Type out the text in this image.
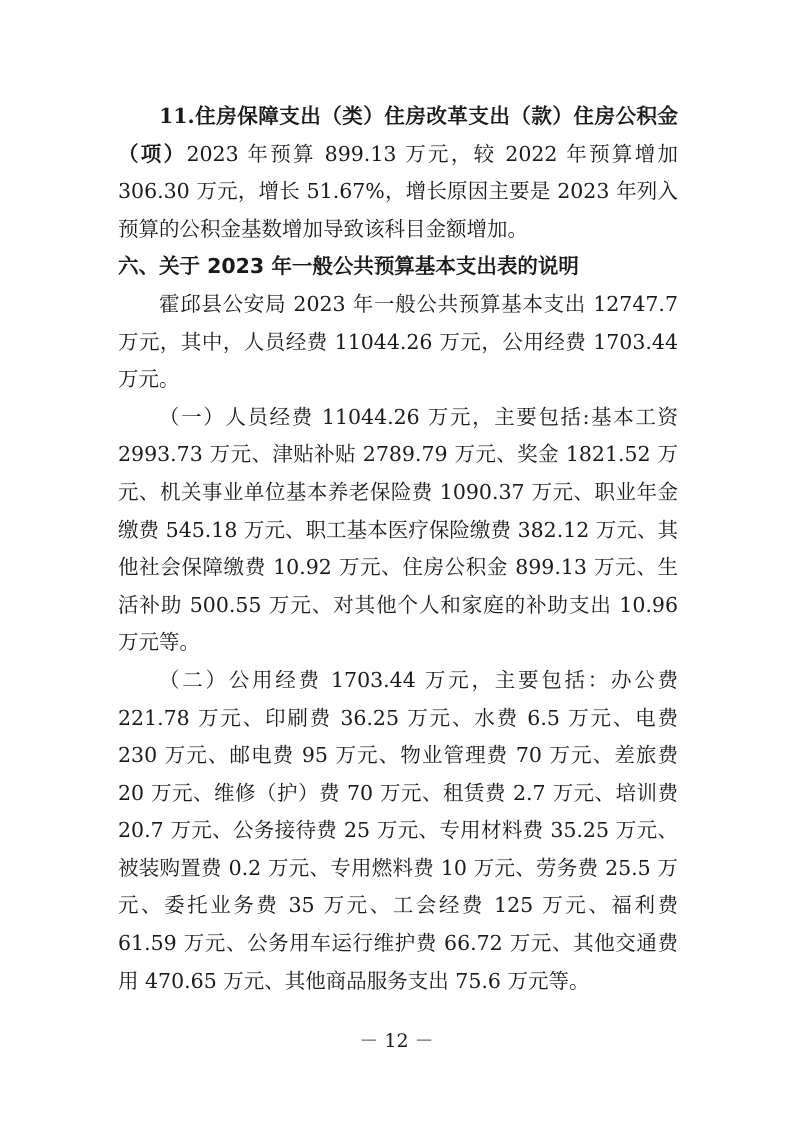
11.住房保障支出（类）住房改革支出（款）住房公积金（项）2023 年预算 899.13 万元，较 2022 年预算增加 306.30 万元，增长 51.67%，增长原因主要是 2023 年列入预算的公积金基数增加导致该科目金额增加。

六、关于 2023 年一般公共预算基本支出表的说明

霍邱县公安局 2023 年一般公共预算基本支出 12747.7 万元，其中，人员经费 11044.26 万元，公用经费 1703.44 万元。

（一）人员经费 11044.26 万元，主要包括:基本工资 2993.73 万元、津贴补贴 2789.79 万元、奖金 1821.52 万元、机关事业单位基本养老保险费 1090.37 万元、职业年金缴费 545.18 万元、职工基本医疗保险缴费 382.12 万元、其他社会保障缴费 10.92 万元、住房公积金 899.13 万元、生活补助 500.55 万元、对其他个人和家庭的补助支出 10.96 万元等。

（二）公用经费 1703.44 万元，主要包括：办公费 221.78 万元、印刷费 36.25 万元、水费 6.5 万元、电费 230 万元、邮电费 95 万元、物业管理费 70 万元、差旅费 20 万元、维修（护）费 70 万元、租赁费 2.7 万元、培训费 20.7 万元、公务接待费 25 万元、专用材料费 35.25 万元、被装购置费 0.2 万元、专用燃料费 10 万元、劳务费 25.5 万元、委托业务费 35 万元、工会经费 125 万元、福利费 61.59 万元、公务用车运行维护费 66.72 万元、其他交通费用 470.65 万元、其他商品服务支出 75.6 万元等。

－ 12 －
